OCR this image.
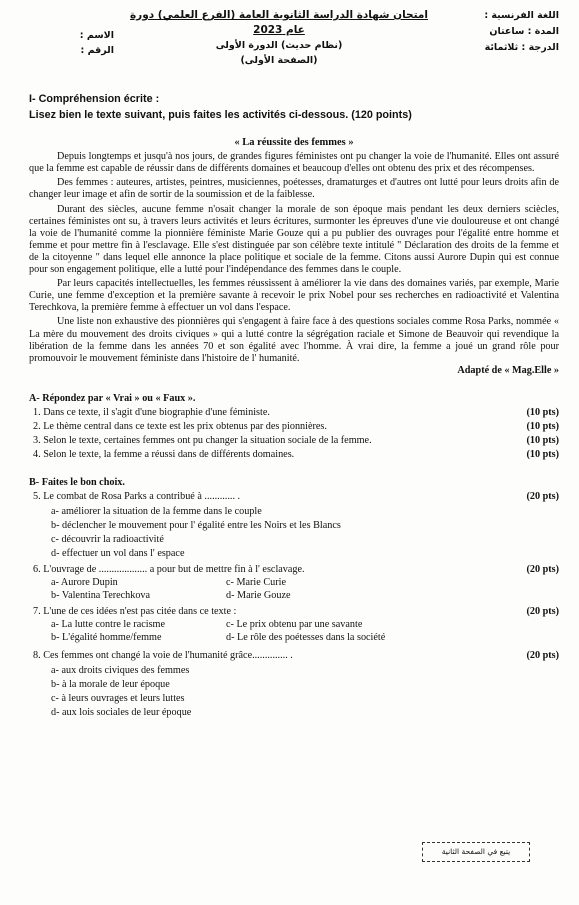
اللغة الفرنسية :
المدة : ساعتان
الدرجة : ثلاثمائة
امتحان شهادة الدراسة الثانوية العامة (الفرع العلمي) دورة عام 2023
(نظام حديث) الدورة الأولى
(الصفحة الأولى)
الاسم :
الرقم :
I- Compréhension écrite :
Lisez bien le texte suivant, puis faites les activités ci-dessous. (120 points)
« La réussite des femmes »

Depuis longtemps et jusqu'à nos jours, de grandes figures féministes ont pu changer la voie de l'humanité. Elles ont assuré que la femme est capable de réussir dans de différents domaines et beaucoup d'elles ont obtenu des prix et des récompenses.

Des femmes : auteures, artistes, peintres, musiciennes, poétesses, dramaturges et d'autres ont lutté pour leurs droits afin de changer leur image et afin de sortir de la soumission et de la faiblesse.

Durant des siècles, aucune femme n'osait changer la morale de son époque mais pendant les deux derniers sciècles, certaines féministes ont su, à travers leurs activités et leurs écritures, surmonter les épreuves d'une vie douloureuse et ont changé la voie de l'humanité comme la pionnière féministe Marie Gouze qui a pu publier des ouvrages pour l'égalité entre homme et femme et pour mettre fin à l'esclavage. Elle s'est distinguée par son célèbre texte intitulé " Déclaration des droits de la femme et de la citoyenne " dans lequel elle annonce la place politique et sociale de la femme. Citons aussi Aurore Dupin qui est connue pour son engagement politique, elle a lutté pour l'indépendance des femmes dans le couple.

Par leurs capacités intellectuelles, les femmes réussissent à améliorer la vie dans des domaines variés, par exemple, Marie Curie, une femme d'exception et la première savante à recevoir le prix Nobel pour ses recherches en radioactivité et Valentina Terechkova, la première femme à effectuer un vol dans l'espace.

Une liste non exhaustive des pionnières qui s'engagent à faire face à des questions sociales comme Rosa Parks, nommée « La mère du mouvement des droits civiques » qui a lutté contre la ségrégation raciale et Simone de Beauvoir qui revendique la libération de la femme dans les années 70 et son égalité avec l'homme. À vrai dire, la femme a joué un grand rôle pour promouvoir le mouvement féministe dans l'histoire de l' humanité.

Adapté de « Mag.Elle »
A- Répondez par « Vrai » ou « Faux ».
1. Dans ce texte, il s'agit d'une biographie d'une féministe.	(10 pts)
2. Le thème central dans ce texte est les prix obtenus par des pionnières.	(10 pts)
3. Selon le texte, certaines femmes ont pu changer la situation sociale de la femme.	(10 pts)
4. Selon le texte, la femme a réussi dans de différents domaines.	(10 pts)
B- Faites le bon choix.
5. Le combat de Rosa Parks a contribué à ............ .	(20 pts)
a- améliorer la situation de la femme dans le couple
b- déclencher le mouvement pour l' égalité entre les Noirs et les Blancs
c- découvrir la radioactivité
d- effectuer un vol dans l' espace
6. L'ouvrage de ................... a pour but de mettre fin à l' esclavage.	(20 pts)
a- Aurore Dupin	c- Marie Curie
b- Valentina Terechkova	d- Marie Gouze
7. L'une de ces idées n'est pas citée dans ce texte :	(20 pts)
a- La lutte contre le racisme	c- Le prix obtenu par une savante
b- L'égalité homme/femme	d- Le rôle des poétesses dans la société
8. Ces femmes ont changé la voie de l'humanité grâce.............. .	(20 pts)
a- aux droits civiques des femmes
b- à la morale de leur époque
c- à leurs ouvrages et leurs luttes
d- aux lois sociales de leur époque
يتبع في الصفحة الثانية
